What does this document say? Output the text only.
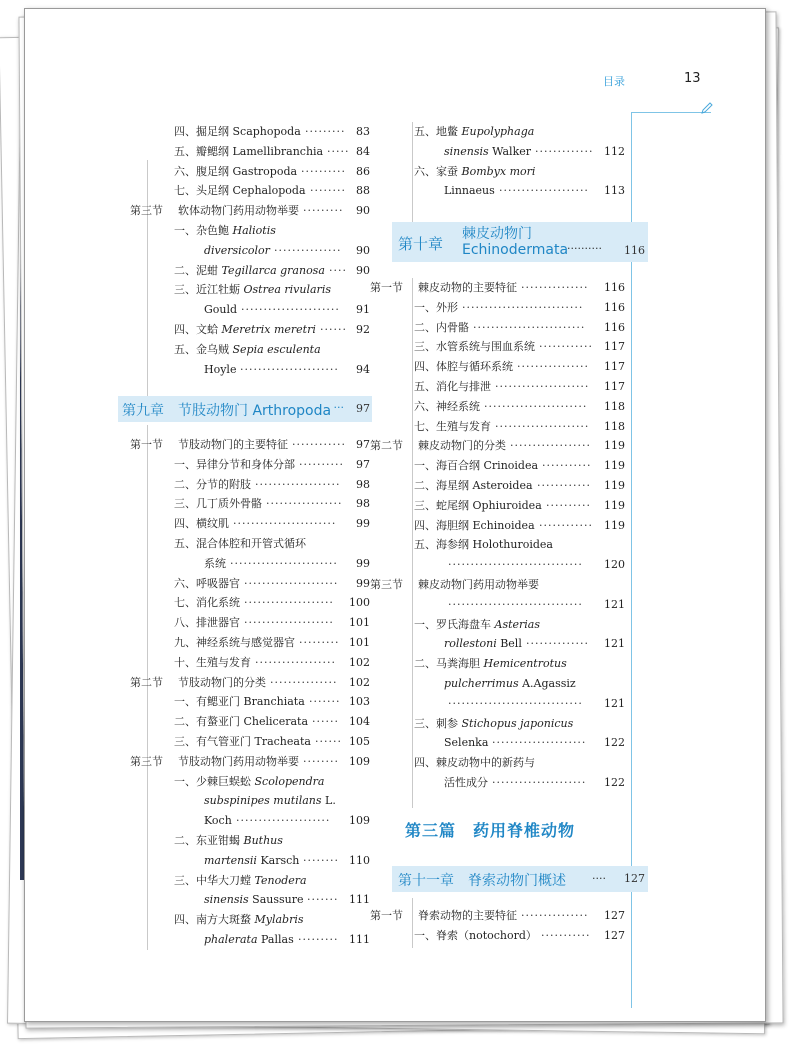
目录	13
四、掘足纲 Scaphopoda ········· 83
五、瓣鳃纲 Lamellibranchia ····· 84
六、腹足纲 Gastropoda ·········· 86
七、头足纲 Cephalopoda ········ 88
第三节 软体动物门药用动物举要 ·········	90
一、杂色鲍 Haliotis
diversicolor ···············	90
二、泥蚶 Tegillarca granosa ···· 90
三、近江牡蛎 Ostrea rivularis
Gould ······················	91
四、文蛤 Meretrix meretri ······ 92
五、金乌贼 Sepia esculenta
Hoyle ······················	94
第九章　节肢动物门 Arthropoda ··· 97
第一节 节肢动物门的主要特征 ············ 97
一、异律分节和身体分部 ··········	97
二、分节的附肢 ···················	98
三、几丁质外骨骼 ·················	98
四、横纹肌 ·······················	99
五、混合体腔和开管式循环
系统 ························	99
六、呼吸器官 ·····················	99
七、消化系统 ····················	100
八、排泄器官 ····················	101
九、神经系统与感觉器官 ········· 101
十、生殖与发育 ··················	102
第二节 节肢动物门的分类 ···············	102
一、有鳃亚门 Branchiata ······· 103
二、有螯亚门 Chelicerata ······ 104
三、有气管亚门 Tracheata ······ 105
第三节 节肢动物门药用动物举要 ········ 109
一、少棘巨蜈蚣 Scolopendra
subspinipes mutilans L.
Koch ·····················	109
二、东亚钳蝎 Buthus
martensii Karsch ········ 110
三、中华大刀螳 Tenodera
sinensis Saussure ······· 111
四、南方大斑蝥 Mylabris
phalerata Pallas ········· 111
五、地鳖 Eupolyphaga
sinensis Walker ············· 112
六、家蚕 Bombyx mori
Linnaeus ····················	113
第十章
棘皮动物门
Echinodermata
·········· 116
第一节 棘皮动物的主要特征 ···············	116
一、外形 ···························	116
二、内骨骼 ·························	116
三、水管系统与围血系统 ············	117
四、体腔与循环系统 ················	117
五、消化与排泄 ·····················	117
六、神经系统 ·······················	118
七、生殖与发育 ·····················	118
第二节 棘皮动物门的分类 ··················	119
一、海百合纲 Crinoidea ···········	119
二、海星纲 Asteroidea ············	119
三、蛇尾纲 Ophiuroidea ··········	119
四、海胆纲 Echinoidea ············	119
五、海参纲 Holothuroidea
······························	120
第三节 棘皮动物门药用动物举要
······························	121
一、罗氏海盘车 Asterias
rollestoni Bell ··············	121
二、马粪海胆 Hemicentrotus
pulcherrimus A.Agassiz
······························	121
三、刺参 Stichopus japonicus
Selenka ·····················	122
四、棘皮动物中的新药与
活性成分 ·····················	122
第三篇　药用脊椎动物
第十一章　脊索动物门概述 ···· 127
第一节 脊索动物的主要特征 ···············	127
一、脊索（notochord） ···········	127
